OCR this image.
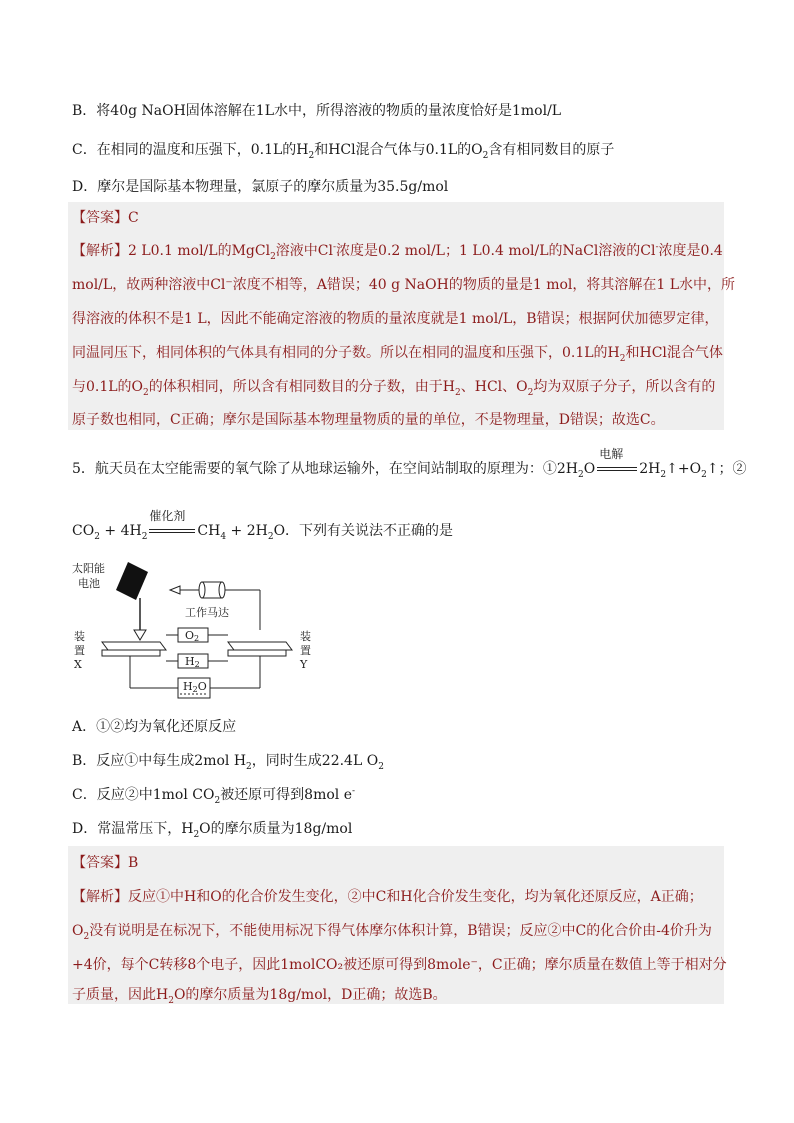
B．将40g NaOH固体溶解在1L水中，所得溶液的物质的量浓度恰好是1mol/L
C．在相同的温度和压强下，0.1L的$H_2$和HCl混合气体与0.1L的$O_2$含有相同数目的原子
D．摩尔是国际基本物理量，氯原子的摩尔质量为35.5g/mol
【答案】C
【解析】2 L0.1 mol/L的MgCl$_2$溶液中Cl-浓度是0.2 mol/L；1 L0.4 mol/L的NaCl溶液的Cl-浓度是0.4
mol/L，故两种溶液中Cl⁻浓度不相等，A错误；40 g NaOH的物质的量是1 mol，将其溶解在1 L水中，所
得溶液的体积不是1 L，因此不能确定溶液的物质的量浓度就是1 mol/L，B错误；根据阿伏加德罗定律，
同温同压下，相同体积的气体具有相同的分子数。所以在相同的温度和压强下，0.1L的$H_2$和HCl混合气体
与0.1L的$O_2$的体积相同，所以含有相同数目的分子数，由于$H_2$、HCl、$O_2$均为双原子分子，所以含有的
原子数也相同，C正确；摩尔是国际基本物理量物质的量的单位，不是物理量，D错误；故选C。
5．航天员在太空能需要的氧气除了从地球运输外，在空间站制取的原理为：$①2H_2O$
电解
$2H_2↑+O_2↑$；②
$CO_2 + 4H_2$
催化剂
$CH_4 + 2H_2O$．下列有关说法不正确的是
太阳能
电池
工作马达
装
置
X
装
置
Y
O2
H2
H2O
A．①②均为氧化还原反应
B．反应①中每生成2mol $H_2$，同时生成22.4L $O_2$
C．反应②中1mol $CO_2$被还原可得到8mol e-
D．常温常压下，$H_2O$的摩尔质量为18g/mol
【答案】B
【解析】反应①中H和O的化合价发生变化，②中C和H化合价发生变化，均为氧化还原反应，A正确；
$O_2$没有说明是在标况下，不能使用标况下得气体摩尔体积计算，B错误；反应②中C的化合价由-4价升为
+4价，每个C转移8个电子，因此1molCO₂被还原可得到8mole⁻，C正确；摩尔质量在数值上等于相对分
子质量，因此$H_2O$的摩尔质量为18g/mol，D正确；故选B。
